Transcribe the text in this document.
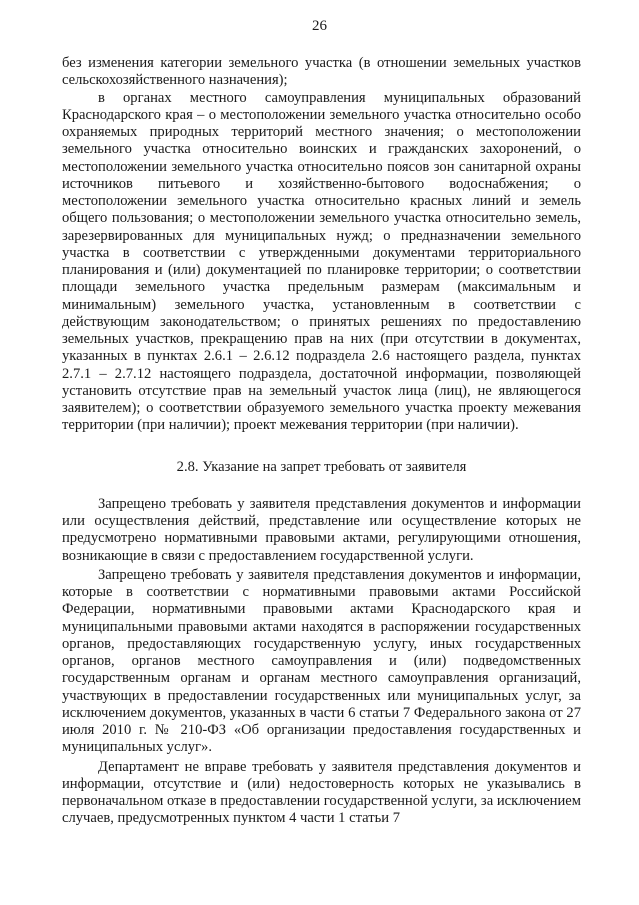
26

без изменения категории земельного участка (в отношении земельных участков сельскохозяйственного назначения);

в органах местного самоуправления муниципальных образований Краснодарского края – о местоположении земельного участка относительно особо охраняемых природных территорий местного значения; о местоположении земельного участка относительно воинских и гражданских захоронений, о местоположении земельного участка относительно поясов зон санитарной охраны источников питьевого и хозяйственно-бытового водоснабжения; о местоположении земельного участка относительно красных линий и земель общего пользования; о местоположении земельного участка относительно земель, зарезервированных для муниципальных нужд; о предназначении земельного участка в соответствии с утвержденными документами территориального планирования и (или) документацией по планировке территории; о соответствии площади земельного участка предельным размерам (максимальным и минимальным) земельного участка, установленным в соответствии с действующим законодательством; о принятых решениях по предоставлению земельных участков, прекращению прав на них (при отсутствии в документах, указанных в пунктах 2.6.1 – 2.6.12 подраздела 2.6 настоящего раздела, пунктах 2.7.1 – 2.7.12 настоящего подраздела, достаточной информации, позволяющей установить отсутствие прав на земельный участок лица (лиц), не являющегося заявителем); о соответствии образуемого земельного участка проекту межевания территории (при наличии); проект межевания территории (при наличии).

2.8. Указание на запрет требовать от заявителя

Запрещено требовать у заявителя представления документов и информации или осуществления действий, представление или осуществление которых не предусмотрено нормативными правовыми актами, регулирующими отношения, возникающие в связи с предоставлением государственной услуги.

Запрещено требовать у заявителя представления документов и информации, которые в соответствии с нормативными правовыми актами Российской Федерации, нормативными правовыми актами Краснодарского края и муниципальными правовыми актами находятся в распоряжении государственных органов, предоставляющих государственную услугу, иных государственных органов, органов местного самоуправления и (или) подведомственных государственным органам и органам местного самоуправления организаций, участвующих в предоставлении государственных или муниципальных услуг, за исключением документов, указанных в части 6 статьи 7 Федерального закона от 27 июля 2010 г. № 210-ФЗ «Об организации предоставления государственных и муниципальных услуг».

Департамент не вправе требовать у заявителя представления документов и информации, отсутствие и (или) недостоверность которых не указывались в первоначальном отказе в предоставлении государственной услуги, за исключением случаев, предусмотренных пунктом 4 части 1 статьи 7
